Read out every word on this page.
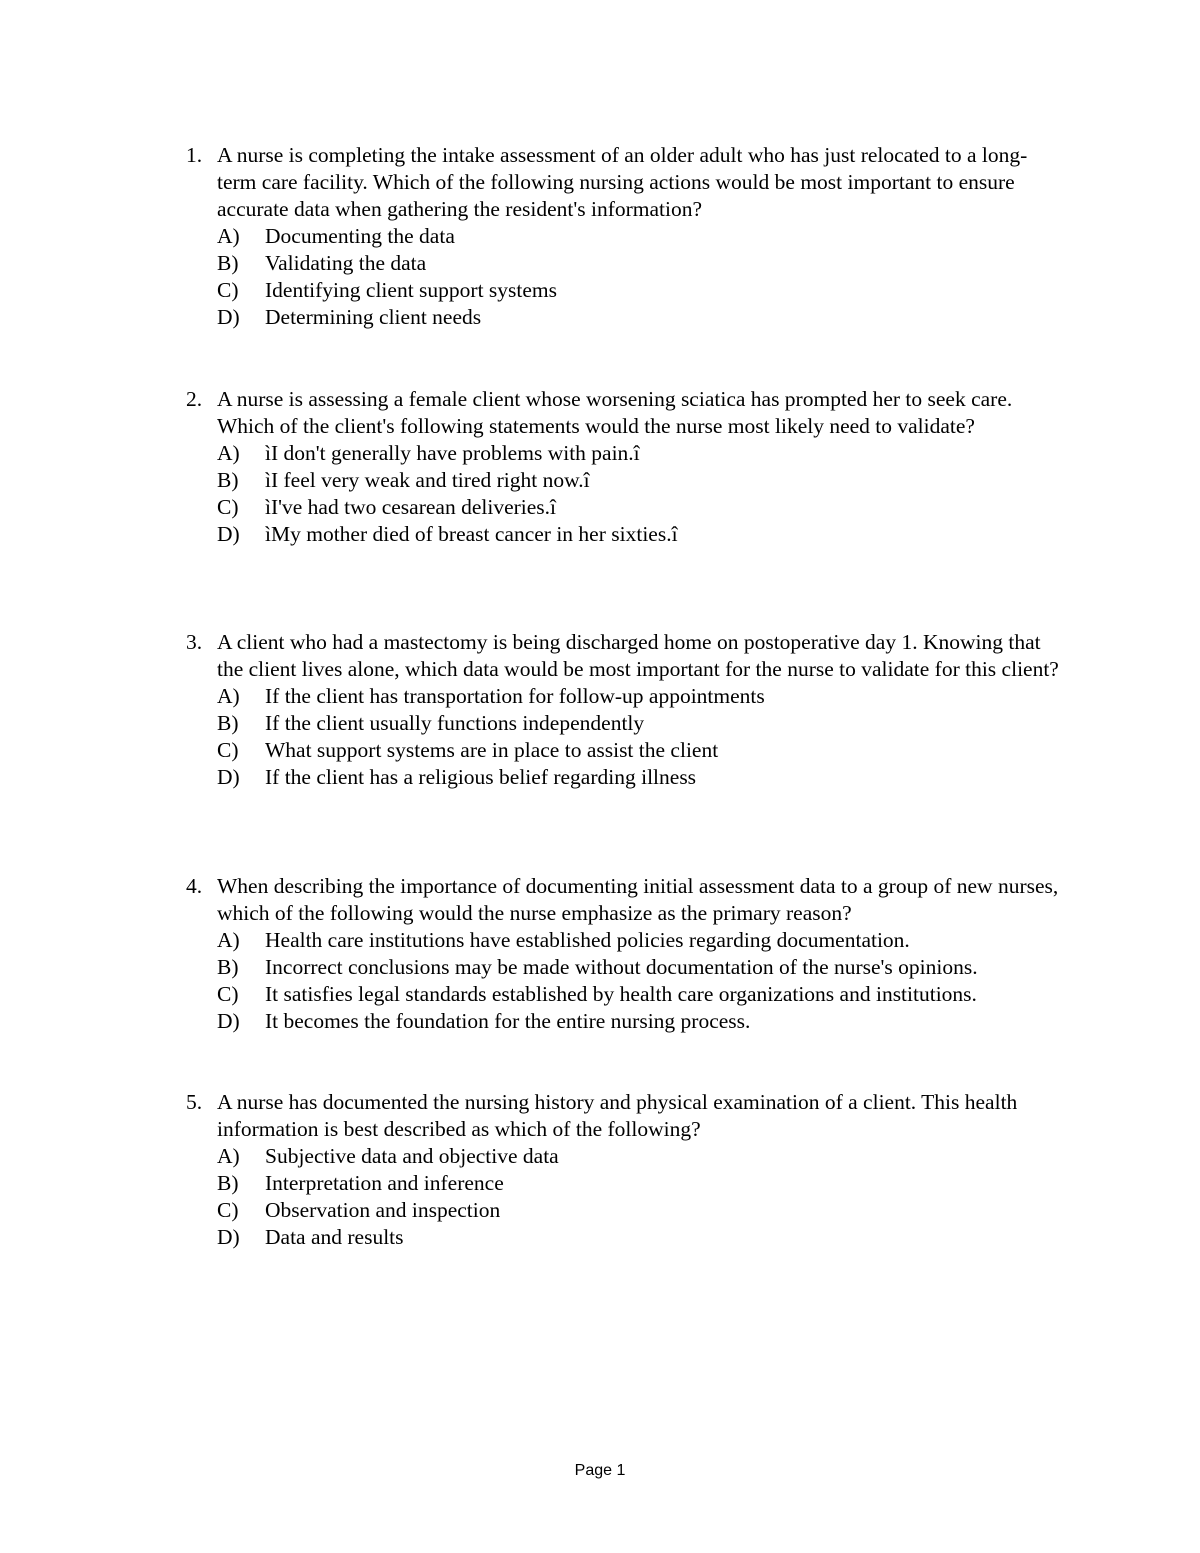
1. A nurse is completing the intake assessment of an older adult who has just relocated to a long-term care facility. Which of the following nursing actions would be most important to ensure accurate data when gathering the resident's information?
A)	Documenting the data
B)	Validating the data
C)	Identifying client support systems
D)	Determining client needs
2. A nurse is assessing a female client whose worsening sciatica has prompted her to seek care. Which of the client's following statements would the nurse most likely need to validate?
A)	ìI don't generally have problems with pain.î
B)	ìI feel very weak and tired right now.î
C)	ìI've had two cesarean deliveries.î
D)	ìMy mother died of breast cancer in her sixties.î
3. A client who had a mastectomy is being discharged home on postoperative day 1. Knowing that the client lives alone, which data would be most important for the nurse to validate for this client?
A)	If the client has transportation for follow-up appointments
B)	If the client usually functions independently
C)	What support systems are in place to assist the client
D)	If the client has a religious belief regarding illness
4. When describing the importance of documenting initial assessment data to a group of new nurses, which of the following would the nurse emphasize as the primary reason?
A)	Health care institutions have established policies regarding documentation.
B)	Incorrect conclusions may be made without documentation of the nurse's opinions.
C)	It satisfies legal standards established by health care organizations and institutions.
D)	It becomes the foundation for the entire nursing process.
5. A nurse has documented the nursing history and physical examination of a client. This health information is best described as which of the following?
A)	Subjective data and objective data
B)	Interpretation and inference
C)	Observation and inspection
D)	Data and results
Page 1
